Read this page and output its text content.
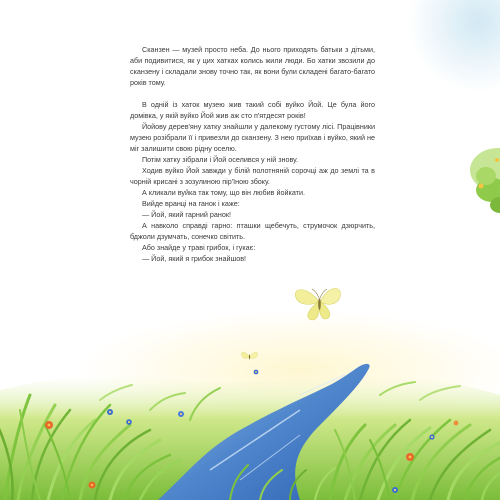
Сканзен — музей просто неба. До нього приходять батьки з дітьми, аби подивитися, як у цих хатках колись жили люди. Бо хатки звозили до сканзену і складали знову точно так, як вони були складені багато-багато років тому.

В одній із хаток музею жив такий собі вуйко Йой. Це була його домівка, у якій вуйко Йой жив аж сто п'ятдесят років!

Йойову дерев'яну хатку знайшли у далекому густому лісі. Працівники музею розібрали її і привезли до сканзену. З нею приїхав і вуйко, який не міг залишити свою рідну оселю.

Потім хатку зібрали і Йой оселився у ній знову.

Ходив вуйко Йой завжди у білій полотняній сорочці аж до землі та в чорній крисані з зозулиною пір'їною збоку.

А кликали вуйка так тому, що він любив йойкати.

Вийде вранці на ганок і каже:

— Йой, який гарний ранок!

А навколо справді гарно: пташки щебечуть, струмочок дзюрчить, бджоли дзумчать, сонечко світить.

Або знайде у траві грибок, і гукає:

— Йой, який я грибок знайшов!
